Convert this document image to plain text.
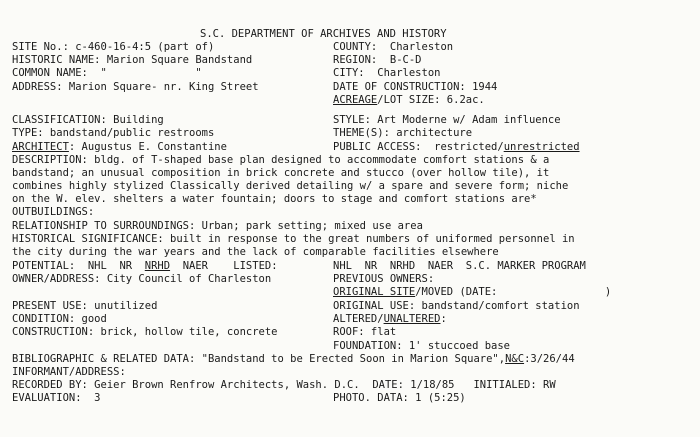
S.C. DEPARTMENT OF ARCHIVES AND HISTORY
SITE No.: c-460-16-4:5 (part of)	COUNTY:  Charleston
HISTORIC NAME: Marion Square Bandstand	REGION:  B-C-D
COMMON NAME:  "              "	CITY:  Charleston
ADDRESS: Marion Square- nr. King Street	DATE OF CONSTRUCTION: 1944
ACREAGE/LOT SIZE: 6.2ac.
CLASSIFICATION: Building	STYLE: Art Moderne w/ Adam influence
TYPE: bandstand/public restrooms	THEME(S): architecture
ARCHITECT: Augustus E. Constantine	PUBLIC ACCESS:  restricted/unrestricted
DESCRIPTION: bldg. of T-shaped base plan designed to accommodate comfort stations & a
bandstand; an unusual composition in brick concrete and stucco (over hollow tile), it
combines highly stylized Classically derived detailing w/ a spare and severe form; niche
on the W. elev. shelters a water fountain; doors to stage and comfort stations are*
OUTBUILDINGS:
RELATIONSHIP TO SURROUNDINGS: Urban; park setting; mixed use area
HISTORICAL SIGNIFICANCE: built in response to the great numbers of uniformed personnel in
the city during the war years and the lack of comparable facilities elsewhere
POTENTIAL:  NHL  NR  NRHD  NAER    LISTED:	NHL  NR  NRHD  NAER  S.C. MARKER PROGRAM
OWNER/ADDRESS: City Council of Charleston	PREVIOUS OWNERS:
ORIGINAL SITE/MOVED (DATE:                 )
PRESENT USE: unutilized	ORIGINAL USE: bandstand/comfort station
CONDITION: good	ALTERED/UNALTERED:
CONSTRUCTION: brick, hollow tile, concrete	ROOF: flat
FOUNDATION: 1' stuccoed base
BIBLIOGRAPHIC & RELATED DATA: "Bandstand to be Erected Soon in Marion Square",N&C:3/26/44
INFORMANT/ADDRESS:
RECORDED BY: Geier Brown Renfrow Architects, Wash. D.C.  DATE: 1/18/85   INITIALED: RW
EVALUATION:  3	PHOTO. DATA: 1 (5:25)
